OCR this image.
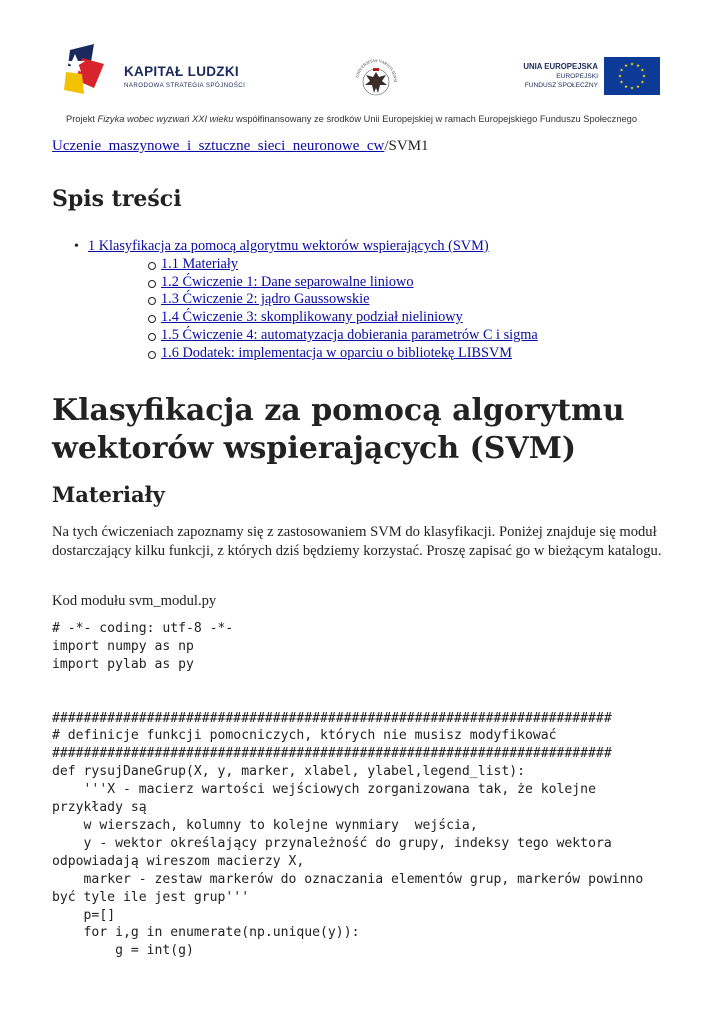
KAPITAŁ LUDZKI
NARODOWA STRATEGIA SPÓJNOŚCI
UNIVERSITAS VARSOVIENSI
UNIA EUROPEJSKA
EUROPEJSKI
FUNDUSZ SPOŁECZNY
★ ★
★
★
★
★
★
★
★
★
★
★
Projekt Fizyka wobec wyzwań XXI wieku współfinansowany ze środków Unii Europejskiej w ramach Europejskiego Funduszu Społecznego
Uczenie_maszynowe_i_sztuczne_sieci_neuronowe_cw/SVM1
Spis treści
• 1 Klasyfikacja za pomocą algorytmu wektorów wspierających (SVM)
1.1 Materiały
1.2 Ćwiczenie 1: Dane separowalne liniowo
1.3 Ćwiczenie 2: jądro Gaussowskie
1.4 Ćwiczenie 3: skomplikowany podział nieliniowy
1.5 Ćwiczenie 4: automatyzacja dobierania parametrów C i sigma
1.6 Dodatek: implementacja w oparciu o bibliotekę LIBSVM
Klasyfikacja za pomocą algorytmu wektorów wspierających (SVM)
Materiały

Na tych ćwiczeniach zapoznamy się z zastosowaniem SVM do klasyfikacji. Poniżej znajduje się moduł dostarczający kilku funkcji, z których dziś będziemy korzystać. Proszę zapisać go w bieżącym katalogu.

Kod modułu svm_modul.py

# -*- coding: utf-8 -*-
import numpy as np
import pylab as py

#######################################################################
# definicje funkcji pomocniczych, których nie musisz modyfikować
#######################################################################
def rysujDaneGrup(X, y, marker, xlabel, ylabel,legend_list):
'''X - macierz wartości wejściowych zorganizowana tak, że kolejne
przykłady są
w wierszach, kolumny to kolejne wynmiary  wejścia,
y - wektor określający przynależność do grupy, indeksy tego wektora
odpowiadają wireszom macierzy X,
marker - zestaw markerów do oznaczania elementów grup, markerów powinno
być tyle ile jest grup'''
p=[]
for i,g in enumerate(np.unique(y)):
g = int(g)
